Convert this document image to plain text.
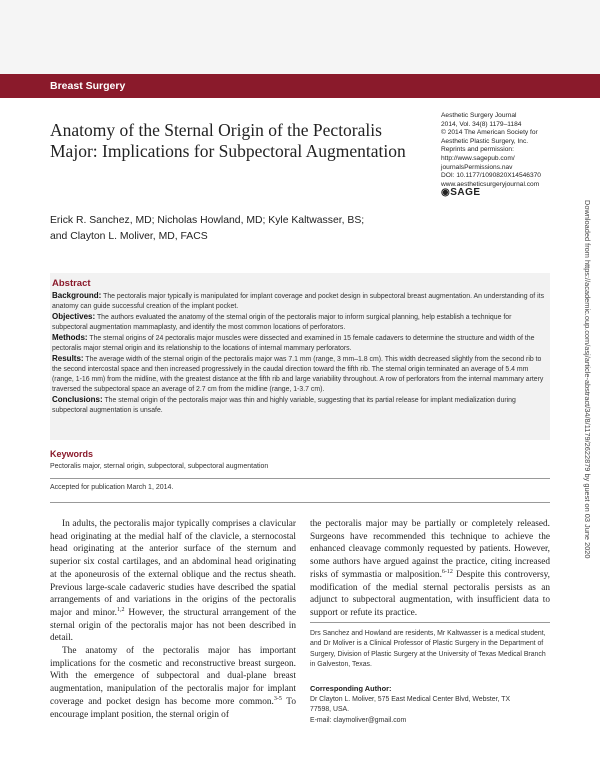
Breast Surgery
Anatomy of the Sternal Origin of the Pectoralis Major: Implications for Subpectoral Augmentation
Aesthetic Surgery Journal
2014, Vol. 34(8) 1179–1184
© 2014 The American Society for
Aesthetic Plastic Surgery, Inc.
Reprints and permission:
http://www.sagepub.com/
journalsPermissions.nav
DOI: 10.1177/1090820X14546370
www.aestheticsurgeryjournal.com
◉SAGE
Erick R. Sanchez, MD; Nicholas Howland, MD; Kyle Kaltwasser, BS;
and Clayton L. Moliver, MD, FACS
Abstract

Background: The pectoralis major typically is manipulated for implant coverage and pocket design in subpectoral breast augmentation. An understanding of its anatomy can guide successful creation of the implant pocket.

Objectives: The authors evaluated the anatomy of the sternal origin of the pectoralis major to inform surgical planning, help establish a technique for subpectoral augmentation mammaplasty, and identify the most common locations of perforators.

Methods: The sternal origins of 24 pectoralis major muscles were dissected and examined in 15 female cadavers to determine the structure and width of the pectoralis major sternal origin and its relationship to the locations of internal mammary perforators.

Results: The average width of the sternal origin of the pectoralis major was 7.1 mm (range, 3 mm–1.8 cm). This width decreased slightly from the second rib to the second intercostal space and then increased progressively in the caudal direction toward the fifth rib. The sternal origin terminated an average of 5.4 mm (range, 1-16 mm) from the midline, with the greatest distance at the fifth rib and large variability throughout. A row of perforators from the internal mammary artery traversed the subpectoral space an average of 2.7 cm from the midline (range, 1-3.7 cm).

Conclusions: The sternal origin of the pectoralis major was thin and highly variable, suggesting that its partial release for implant medialization during subpectoral augmentation is unsafe.

Keywords
Pectoralis major, sternal origin, subpectoral, subpectoral augmentation
Accepted for publication March 1, 2014.

In adults, the pectoralis major typically comprises a clavicular head originating at the medial half of the clavicle, a sternocostal head originating at the anterior surface of the sternum and superior six costal cartilages, and an abdominal head originating at the aponeurosis of the external oblique and the rectus sheath. Previous large-scale cadaveric studies have described the spatial arrangements of and variations in the origins of the pectoralis major and minor.$^{1,2}$ However, the structural arrangement of the sternal origin of the pectoralis major has not been described in detail.

The anatomy of the pectoralis major has important implications for the cosmetic and reconstructive breast surgeon. With the emergence of subpectoral and dual-plane breast augmentation, manipulation of the pectoralis major for implant coverage and pocket design has become more common.$^{3-5}$ To encourage implant position, the sternal origin of

the pectoralis major may be partially or completely released. Surgeons have recommended this technique to achieve the enhanced cleavage commonly requested by patients. However, some authors have argued against the practice, citing increased risks of symmastia or malposition.$^{6-12}$ Despite this controversy, modification of the medial sternal pectoralis persists as an adjunct to subpectoral augmentation, with insufficient data to support or refute its practice.

Drs Sanchez and Howland are residents, Mr Kaltwasser is a medical student, and Dr Moliver is a Clinical Professor of Plastic Surgery in the Department of Surgery, Division of Plastic Surgery at the University of Texas Medical Branch in Galveston, Texas.
Corresponding Author:
Dr Clayton L. Moliver, 575 East Medical Center Blvd, Webster, TX
77598, USA.
E-mail: claymoliver@gmail.com
Downloaded from https://academic.oup.com/asj/article-abstract/34/8/1179/2622879 by guest on 03 June 2020
